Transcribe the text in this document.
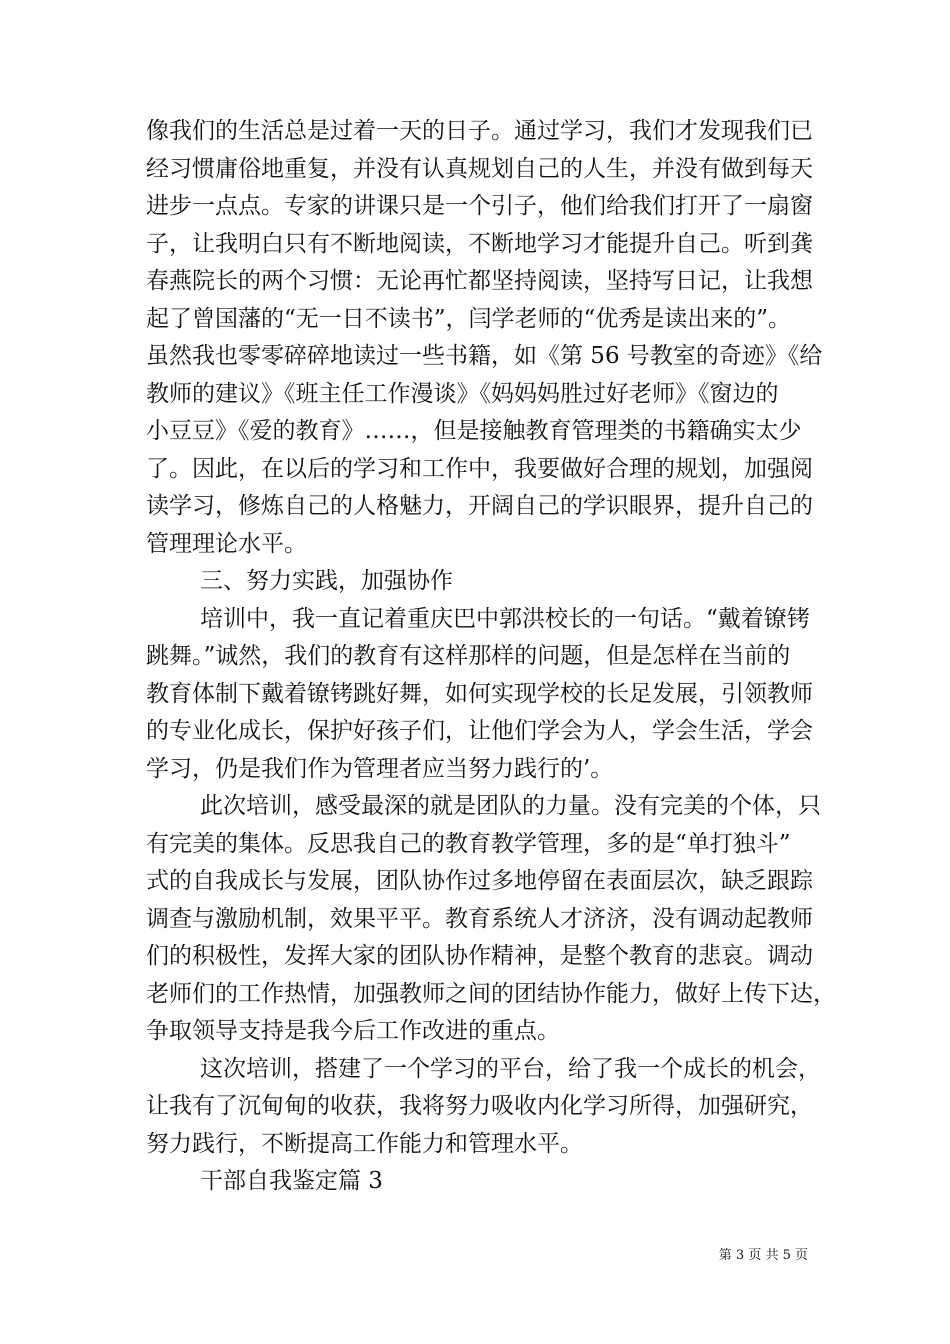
像我们的生活总是过着一天的日子。通过学习，我们才发现我们已
经习惯庸俗地重复，并没有认真规划自己的人生，并没有做到每天
进步一点点。专家的讲课只是一个引子，他们给我们打开了一扇窗
子，让我明白只有不断地阅读，不断地学习才能提升自己。听到龚
春燕院长的两个习惯：无论再忙都坚持阅读，坚持写日记，让我想
起了曾国藩的“无一日不读书”，闫学老师的“优秀是读出来的”。
虽然我也零零碎碎地读过一些书籍，如《第 56 号教室的奇迹》《给
教师的建议》《班主任工作漫谈》《妈妈妈胜过好老师》《窗边的
小豆豆》《爱的教育》……，但是接触教育管理类的书籍确实太少
了。因此，在以后的学习和工作中，我要做好合理的规划，加强阅
读学习，修炼自己的人格魅力，开阔自己的学识眼界，提升自己的
管理理论水平。
三、努力实践，加强协作
培训中，我一直记着重庆巴中郭洪校长的一句话。“戴着镣铐
跳舞。”诚然，我们的教育有这样那样的问题，但是怎样在当前的
教育体制下戴着镣铐跳好舞，如何实现学校的长足发展，引领教师
的专业化成长，保护好孩子们，让他们学会为人，学会生活，学会
学习，仍是我们作为管理者应当努力践行的’。
此次培训，感受最深的就是团队的力量。没有完美的个体，只
有完美的集体。反思我自己的教育教学管理，多的是“单打独斗”
式的自我成长与发展，团队协作过多地停留在表面层次，缺乏跟踪
调查与激励机制，效果平平。教育系统人才济济，没有调动起教师
们的积极性，发挥大家的团队协作精神，是整个教育的悲哀。调动
老师们的工作热情，加强教师之间的团结协作能力，做好上传下达，
争取领导支持是我今后工作改进的重点。
这次培训，搭建了一个学习的平台，给了我一个成长的机会，
让我有了沉甸甸的收获，我将努力吸收内化学习所得，加强研究，
努力践行，不断提高工作能力和管理水平。
干部自我鉴定篇 3
第 3 页 共 5 页
